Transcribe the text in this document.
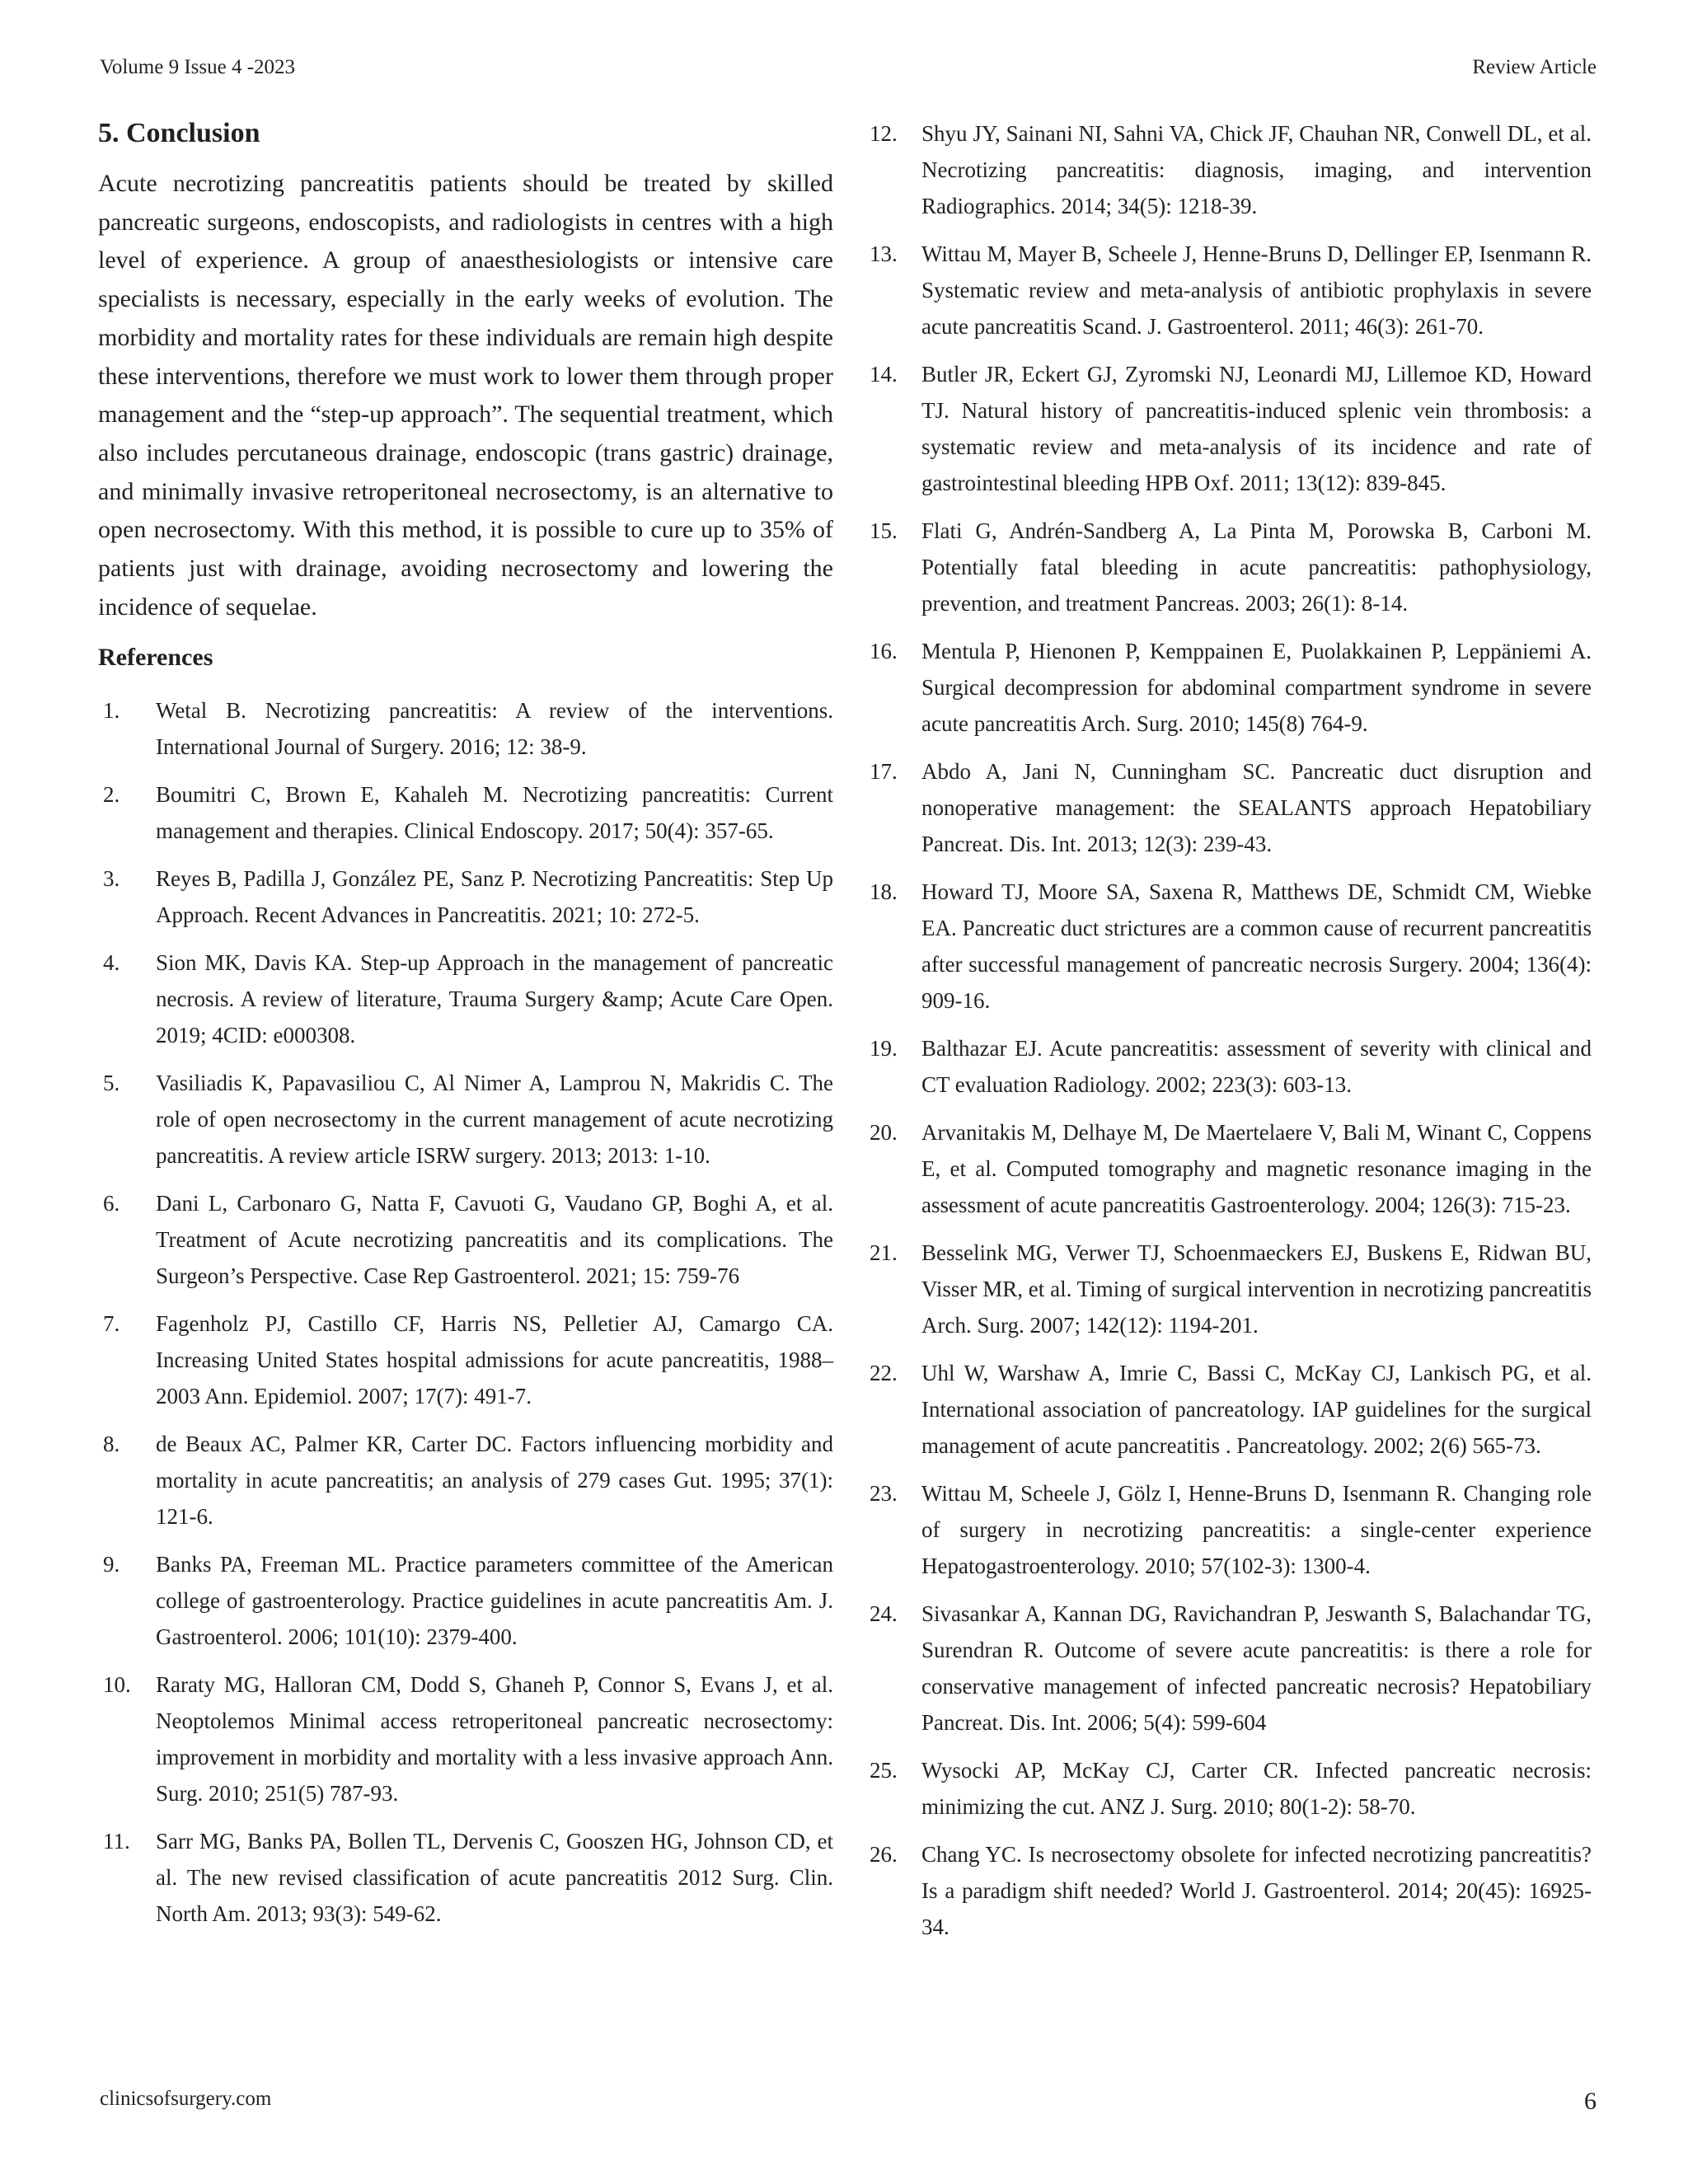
Volume 9 Issue 4 -2023	Review Article
5. Conclusion

Acute necrotizing pancreatitis patients should be treated by skilled pancreatic surgeons, endoscopists, and radiologists in centres with a high level of experience. A group of anaesthesiologists or intensive care specialists is necessary, especially in the early weeks of evolution. The morbidity and mortality rates for these individuals are remain high despite these interventions, therefore we must work to lower them through proper management and the “step-up approach”. The sequential treatment, which also includes percutaneous drainage, endoscopic (trans gastric) drainage, and minimally invasive retroperitoneal necrosectomy, is an alternative to open necrosectomy. With this method, it is possible to cure up to 35% of patients just with drainage, avoiding necrosectomy and lowering the incidence of sequelae.

References
1.	Wetal B. Necrotizing pancreatitis: A review of the interventions. International Journal of Surgery. 2016; 12: 38-9.
2.	Boumitri C, Brown E, Kahaleh M. Necrotizing pancreatitis: Current management and therapies. Clinical Endoscopy. 2017; 50(4): 357-65.
3.	Reyes B, Padilla J, González PE, Sanz P. Necrotizing Pancreatitis: Step Up Approach. Recent Advances in Pancreatitis. 2021; 10: 272-5.
4.	Sion MK, Davis KA. Step-up Approach in the management of pancreatic necrosis. A review of literature, Trauma Surgery &amp; Acute Care Open. 2019; 4CID: e000308.
5.	Vasiliadis K, Papavasiliou C, Al Nimer A, Lamprou N, Makridis C. The role of open necrosectomy in the current management of acute necrotizing pancreatitis. A review article ISRW surgery. 2013; 2013: 1-10.
6.	Dani L, Carbonaro G, Natta F, Cavuoti G, Vaudano GP, Boghi A, et al. Treatment of Acute necrotizing pancreatitis and its complications. The Surgeon’s Perspective. Case Rep Gastroenterol. 2021; 15: 759-76
7.	Fagenholz PJ, Castillo CF, Harris NS, Pelletier AJ, Camargo CA. Increasing United States hospital admissions for acute pancreatitis, 1988–2003 Ann. Epidemiol. 2007; 17(7): 491-7.
8.	de Beaux AC, Palmer KR, Carter DC. Factors influencing morbidity and mortality in acute pancreatitis; an analysis of 279 cases Gut. 1995; 37(1): 121-6.
9.	Banks PA, Freeman ML. Practice parameters committee of the American college of gastroenterology. Practice guidelines in acute pancreatitis Am. J. Gastroenterol. 2006; 101(10): 2379-400.
10.	Raraty MG, Halloran CM, Dodd S, Ghaneh P, Connor S, Evans J, et al. Neoptolemos Minimal access retroperitoneal pancreatic necrosectomy: improvement in morbidity and mortality with a less invasive approach Ann. Surg. 2010; 251(5) 787-93.
11.	Sarr MG, Banks PA, Bollen TL, Dervenis C, Gooszen HG, Johnson CD, et al. The new revised classification of acute pancreatitis 2012 Surg. Clin. North Am. 2013; 93(3): 549-62.
12.	Shyu JY, Sainani NI, Sahni VA, Chick JF, Chauhan NR, Conwell DL, et al. Necrotizing pancreatitis: diagnosis, imaging, and intervention Radiographics. 2014; 34(5): 1218-39.
13.	Wittau M, Mayer B, Scheele J, Henne-Bruns D, Dellinger EP, Isenmann R. Systematic review and meta-analysis of antibiotic prophylaxis in severe acute pancreatitis Scand. J. Gastroenterol. 2011; 46(3): 261-70.
14.	Butler JR, Eckert GJ, Zyromski NJ, Leonardi MJ, Lillemoe KD, Howard TJ. Natural history of pancreatitis-induced splenic vein thrombosis: a systematic review and meta-analysis of its incidence and rate of gastrointestinal bleeding HPB Oxf. 2011; 13(12): 839-845.
15.	Flati G, Andrén-Sandberg A, La Pinta M, Porowska B, Carboni M. Potentially fatal bleeding in acute pancreatitis: pathophysiology, prevention, and treatment Pancreas. 2003; 26(1): 8-14.
16.	Mentula P, Hienonen P, Kemppainen E, Puolakkainen P, Leppäniemi A. Surgical decompression for abdominal compartment syndrome in severe acute pancreatitis Arch. Surg. 2010; 145(8) 764-9.
17.	Abdo A, Jani N, Cunningham SC. Pancreatic duct disruption and nonoperative management: the SEALANTS approach Hepatobiliary Pancreat. Dis. Int. 2013; 12(3): 239-43.
18.	Howard TJ, Moore SA, Saxena R, Matthews DE, Schmidt CM, Wiebke EA. Pancreatic duct strictures are a common cause of recurrent pancreatitis after successful management of pancreatic necrosis Surgery. 2004; 136(4): 909-16.
19.	Balthazar EJ. Acute pancreatitis: assessment of severity with clinical and CT evaluation Radiology. 2002; 223(3): 603-13.
20.	Arvanitakis M, Delhaye M, De Maertelaere V, Bali M, Winant C, Coppens E, et al. Computed tomography and magnetic resonance imaging in the assessment of acute pancreatitis Gastroenterology. 2004; 126(3): 715-23.
21.	Besselink MG, Verwer TJ, Schoenmaeckers EJ, Buskens E, Ridwan BU, Visser MR, et al. Timing of surgical intervention in necrotizing pancreatitis Arch. Surg. 2007; 142(12): 1194-201.
22.	Uhl W, Warshaw A, Imrie C, Bassi C, McKay CJ, Lankisch PG, et al. International association of pancreatology. IAP guidelines for the surgical management of acute pancreatitis . Pancreatology. 2002; 2(6) 565-73.
23.	Wittau M, Scheele J, Gölz I, Henne-Bruns D, Isenmann R. Changing role of surgery in necrotizing pancreatitis: a single-center experience Hepatogastroenterology. 2010; 57(102-3): 1300-4.
24.	Sivasankar A, Kannan DG, Ravichandran P, Jeswanth S, Balachandar TG, Surendran R. Outcome of severe acute pancreatitis: is there a role for conservative management of infected pancreatic necrosis? Hepatobiliary Pancreat. Dis. Int. 2006; 5(4): 599-604
25.	Wysocki AP, McKay CJ, Carter CR. Infected pancreatic necrosis: minimizing the cut. ANZ J. Surg. 2010; 80(1-2): 58-70.
26.	Chang YC. Is necrosectomy obsolete for infected necrotizing pancreatitis? Is a paradigm shift needed? World J. Gastroenterol. 2014; 20(45): 16925-34.
clinicsofsurgery.com	6
